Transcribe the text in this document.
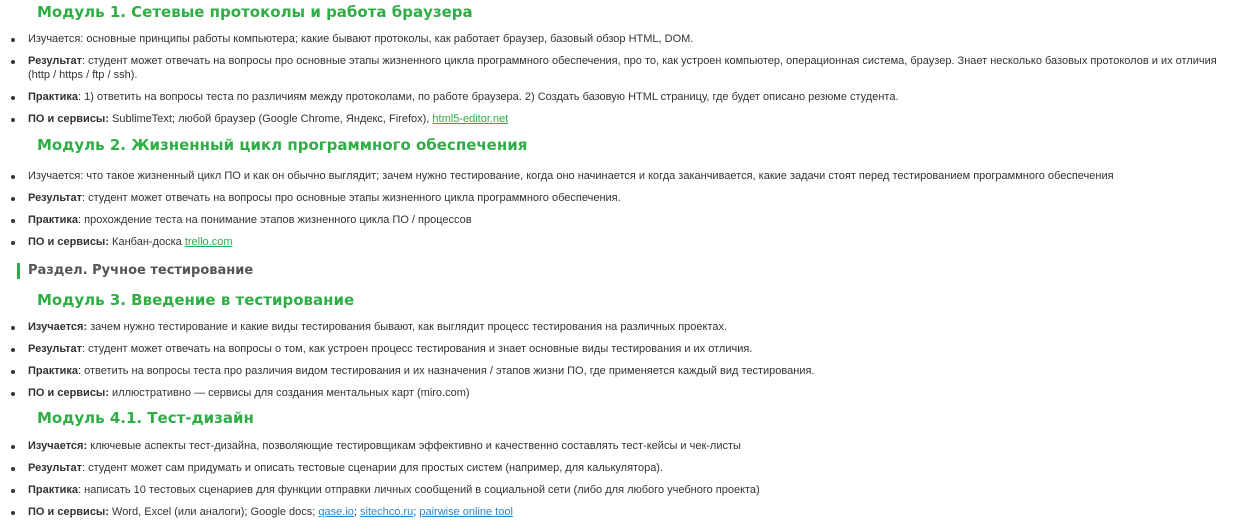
Модуль 1. Сетевые протоколы и работа браузера
Изучается: основные принципы работы компьютера; какие бывают протоколы, как работает браузер, базовый обзор HTML, DOM.
Результат: студент может отвечать на вопросы про основные этапы жизненного цикла программного обеспечения, про то, как устроен компьютер, операционная система, браузер. Знает несколько базовых протоколов и их отличия (http / https / ftp / ssh).
Практика: 1) ответить на вопросы теста по различиям между протоколами, по работе браузера. 2) Создать базовую HTML страницу, где будет описано резюме студента.
ПО и сервисы: SublimeText; любой браузер (Google Chrome, Яндекс, Firefox), html5-editor.net
Модуль 2. Жизненный цикл программного обеспечения
Изучается: что такое жизненный цикл ПО и как он обычно выглядит; зачем нужно тестирование, когда оно начинается и когда заканчивается, какие задачи стоят перед тестированием программного обеспечения
Результат: студент может отвечать на вопросы про основные этапы жизненного цикла программного обеспечения.
Практика: прохождение теста на понимание этапов жизненного цикла ПО / процессов
ПО и сервисы: Канбан-доска trello.com
Раздел. Ручное тестирование
Модуль 3. Введение в тестирование
Изучается: зачем нужно тестирование и какие виды тестирования бывают, как выглядит процесс тестирования на различных проектах.
Результат: студент может отвечать на вопросы о том, как устроен процесс тестирования и знает основные виды тестирования и их отличия.
Практика: ответить на вопросы теста про различия видом тестирования и их назначения / этапов жизни ПО, где применяется каждый вид тестирования.
ПО и сервисы: иллюстративно — сервисы для создания ментальных карт (miro.com)
Модуль 4.1. Тест-дизайн
Изучается: ключевые аспекты тест-дизайна, позволяющие тестировщикам эффективно и качественно составлять тест-кейсы и чек-листы
Результат: студент может сам придумать и описать тестовые сценарии для простых систем (например, для калькулятора).
Практика: написать 10 тестовых сценариев для функции отправки личных сообщений в социальной сети (либо для любого учебного проекта)
ПО и сервисы: Word, Excel (или аналоги); Google docs; qase.io; sitechco.ru; pairwise online tool
